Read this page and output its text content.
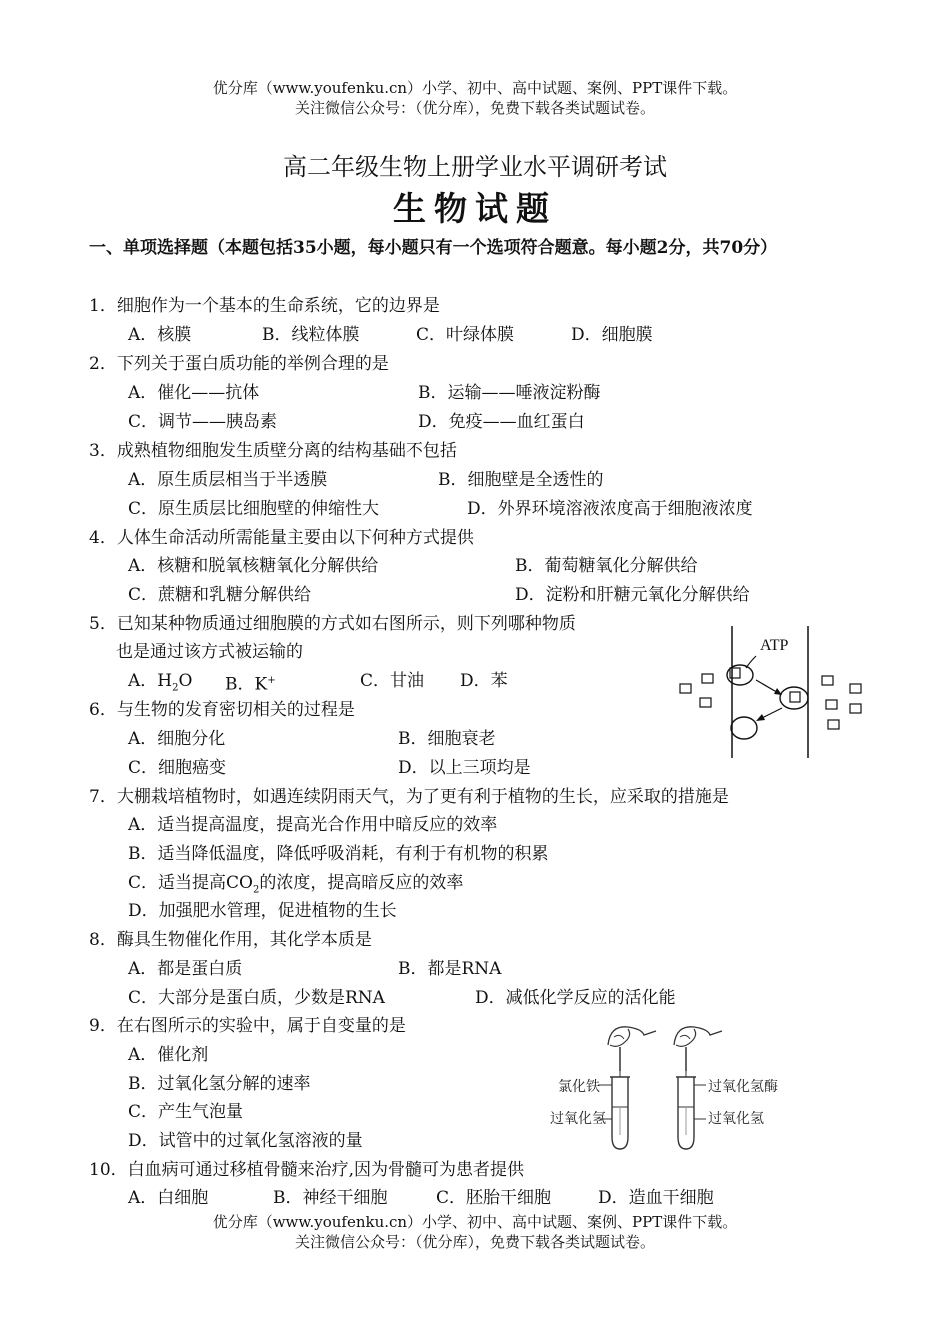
优分库（www.youfenku.cn）小学、初中、高中试题、案例、PPT课件下载。
关注微信公众号：（优分库），免费下载各类试题试卷。
高二年级生物上册学业水平调研考试
生物试题
一、单项选择题（本题包括35小题，每小题只有一个选项符合题意。每小题2分，共70分）
1．细胞作为一个基本的生命系统，它的边界是
A．核膜	B．线粒体膜	C．叶绿体膜	D．细胞膜
2．下列关于蛋白质功能的举例合理的是
A．催化——抗体	B．运输——唾液淀粉酶
C．调节——胰岛素	D．免疫——血红蛋白
3．成熟植物细胞发生质壁分离的结构基础不包括
A．原生质层相当于半透膜	B．细胞壁是全透性的
C．原生质层比细胞壁的伸缩性大	D．外界环境溶液浓度高于细胞液浓度
4．人体生命活动所需能量主要由以下何种方式提供
A．核糖和脱氧核糖氧化分解供给	B．葡萄糖氧化分解供给
C．蔗糖和乳糖分解供给	D．淀粉和肝糖元氧化分解供给
5．已知某种物质通过细胞膜的方式如右图所示，则下列哪种物质
也是通过该方式被运输的
A．$H_2O$ B．K+	C．甘油 D．苯
ATP
6．与生物的发育密切相关的过程是
A．细胞分化	B．细胞衰老
C．细胞癌变	D．以上三项均是
7．大棚栽培植物时，如遇连续阴雨天气，为了更有利于植物的生长，应采取的措施是
A．适当提高温度，提高光合作用中暗反应的效率
B．适当降低温度，降低呼吸消耗，有利于有机物的积累
C．适当提高$CO_2$的浓度，提高暗反应的效率
D．加强肥水管理，促进植物的生长
8．酶具生物催化作用，其化学本质是
A．都是蛋白质	B．都是RNA
C．大部分是蛋白质，少数是RNA	D．减低化学反应的活化能
9．在右图所示的实验中，属于自变量的是
A．催化剂
B．过氧化氢分解的速率
C．产生气泡量
D．试管中的过氧化氢溶液的量
氯化铁
过氧化氢
过氧化氢酶
过氧化氢
10．白血病可通过移植骨髓来治疗,因为骨髓可为患者提供
A．白细胞	B．神经干细胞	C．胚胎干细胞	D．造血干细胞
优分库（www.youfenku.cn）小学、初中、高中试题、案例、PPT课件下载。
关注微信公众号：（优分库），免费下载各类试题试卷。
